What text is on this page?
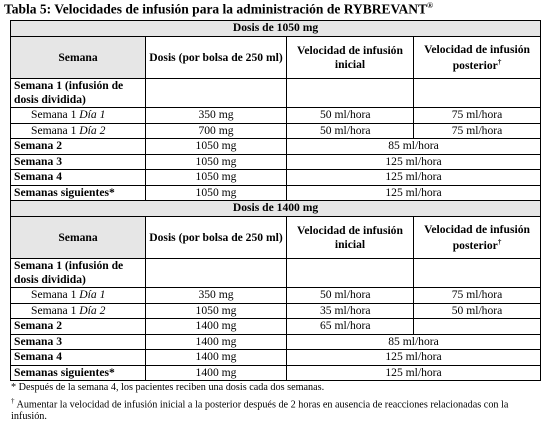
Tabla 5: Velocidades de infusión para la administración de RYBREVANT®
Dosis de 1050 mg			
Semana	Dosis (por bolsa de 250 ml)	Velocidad de infusión inicial	Velocidad de infusión posterior†
Semana 1 (infusión de dosis dividida)			
Semana 1 Día 1	350 mg	50 ml/hora	75 ml/hora
Semana 1 Día 2	700 mg	50 ml/hora	75 ml/hora
Semana 2	1050 mg	85 ml/hora	
Semana 3	1050 mg	125 ml/hora	
Semana 4	1050 mg	125 ml/hora	
Semanas siguientes*	1050 mg	125 ml/hora	
Dosis de 1400 mg			
Semana	Dosis (por bolsa de 250 ml)	Velocidad de infusión inicial	Velocidad de infusión posterior†
Semana 1 (infusión de dosis dividida)			
Semana 1 Día 1	350 mg	50 ml/hora	75 ml/hora
Semana 1 Día 2	1050 mg	35 ml/hora	50 ml/hora
Semana 2	1400 mg	65 ml/hora	
Semana 3	1400 mg	85 ml/hora	
Semana 4	1400 mg	125 ml/hora	
Semanas siguientes*	1400 mg	125 ml/hora	
* Después de la semana 4, los pacientes reciben una dosis cada dos semanas.
† Aumentar la velocidad de infusión inicial a la posterior después de 2 horas en ausencia de reacciones relacionadas con la infusión.
